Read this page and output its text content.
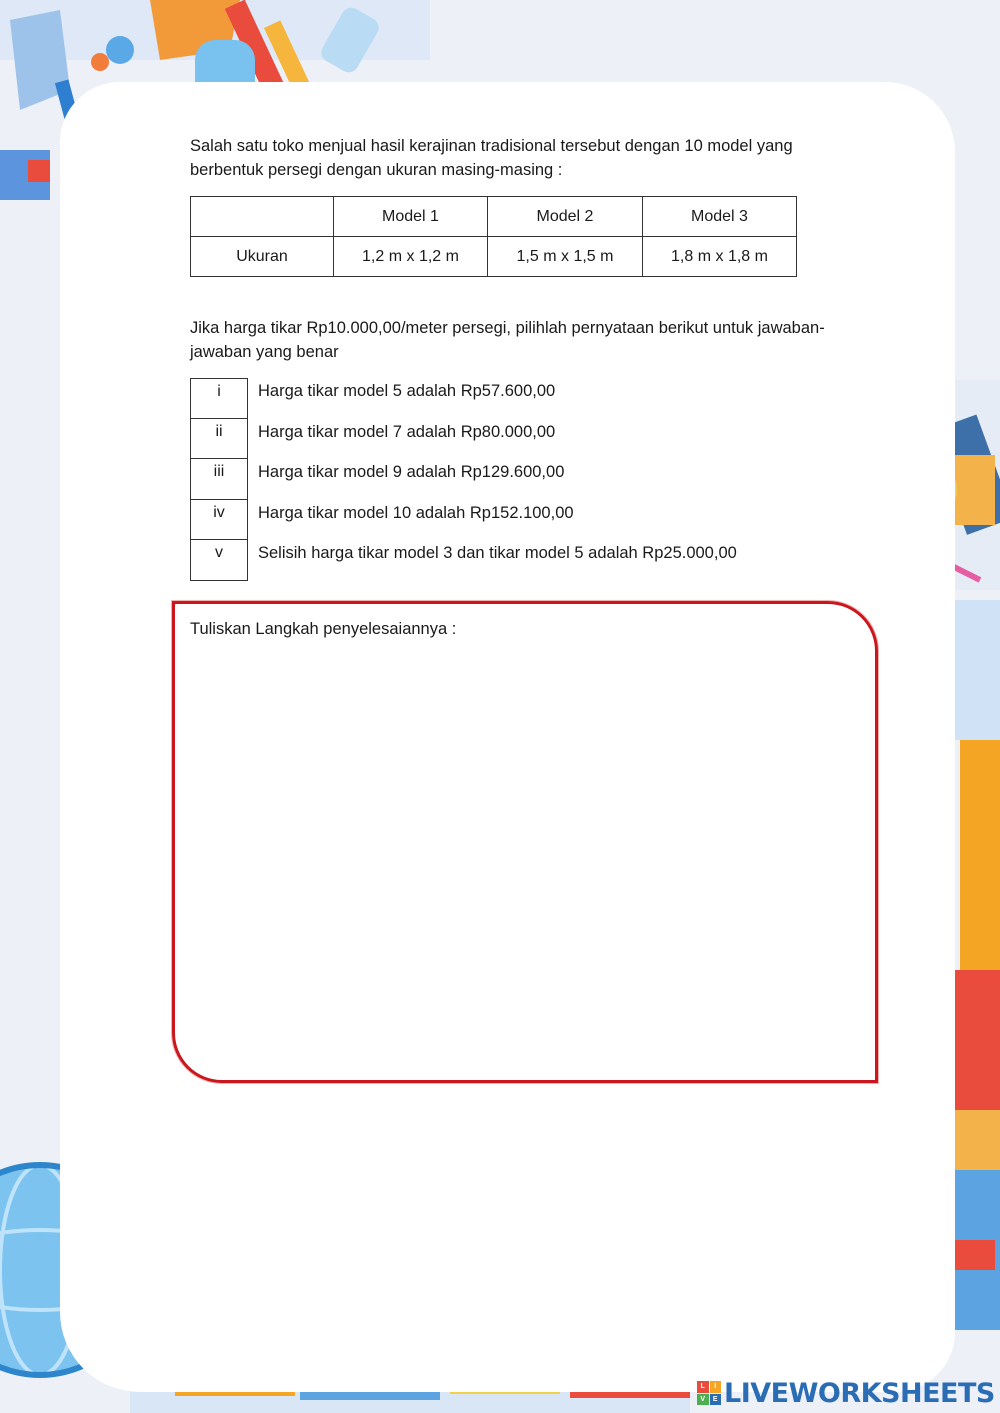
Salah satu toko menjual hasil kerajinan tradisional tersebut dengan 10 model yang berbentuk persegi dengan ukuran masing-masing :

	Model 1	Model 2	Model 3
Ukuran	1,2 m x 1,2 m	1,5 m x 1,5 m	1,8 m x 1,8 m

Jika harga tikar Rp10.000,00/meter persegi, pilihlah pernyataan berikut untuk jawaban-jawaban yang benar

i	Harga tikar model 5 adalah Rp57.600,00
ii	Harga tikar model 7 adalah Rp80.000,00
iii	Harga tikar model 9 adalah Rp129.600,00
iv	Harga tikar model 10 adalah Rp152.100,00
v	Selisih harga tikar model 3 dan tikar model 5 adalah Rp25.000,00
Tuliskan Langkah penyelesaiannya :
L	I
V	E LIVEWORKSHEETS
